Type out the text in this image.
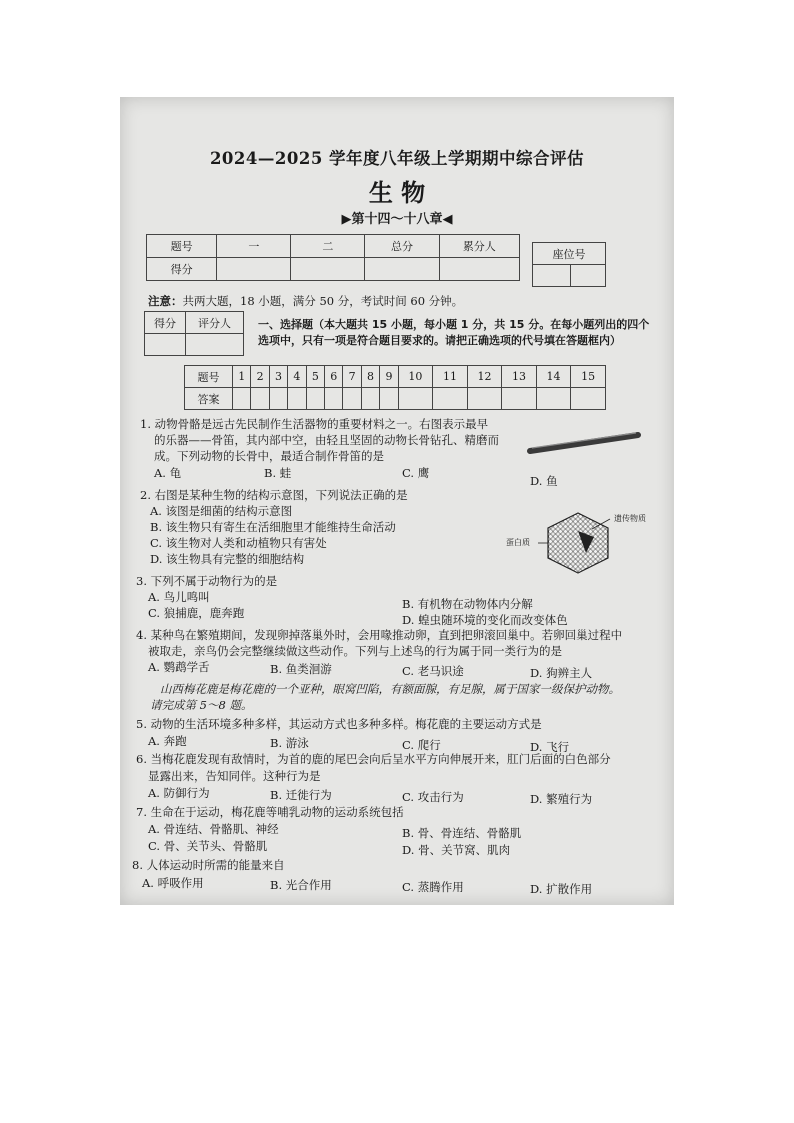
2024—2025 学年度八年级上学期期中综合评估
生 物
▶第十四～十八章◀
题号	一	二	总分	累分人
得分				
座位号

注意：共两大题，18 小题，满分 50 分，考试时间 60 分钟。
得分	评分人
	一、选择题（本大题共 15 小题，每小题 1 分，共 15 分。在每小题列出的四个选项中，只有一项是符合题目要求的。请把正确选项的代号填在答题框内）
题号	1	2	3	4	5	6	7	8	9	10	11	12	13	14	15
答案															
1. 动物骨骼是远古先民制作生活器物的重要材料之一。右图表示最早
的乐器——骨笛，其内部中空，由轻且坚固的动物长骨钻孔、精磨而
成。下列动物的长骨中，最适合制作骨笛的是
A. 龟	B. 蛙	C. 鹰
D. 鱼
2. 右图是某种生物的结构示意图，下列说法正确的是
A. 该图是细菌的结构示意图
B. 该生物只有寄生在活细胞里才能维持生命活动
C. 该生物对人类和动植物只有害处
D. 该生物具有完整的细胞结构
遗传物质
蛋白质
3. 下列不属于动物行为的是
A. 鸟儿鸣叫	B. 有机物在动物体内分解
C. 狼捕鹿，鹿奔跑	D. 蝗虫随环境的变化而改变体色
4. 某种鸟在繁殖期间，发现卵掉落巢外时，会用喙推动卵，直到把卵滚回巢中。若卵回巢过程中
被取走，亲鸟仍会完整继续做这些动作。下列与上述鸟的行为属于同一类行为的是
A. 鹦鹉学舌	B. 鱼类洄游	C. 老马识途	D. 狗辨主人
山西梅花鹿是梅花鹿的一个亚种，眼窝凹陷，有额面腺，有足腺，属于国家一级保护动物。
请完成第 5～8 题。
5. 动物的生活环境多种多样，其运动方式也多种多样。梅花鹿的主要运动方式是
A. 奔跑	B. 游泳	C. 爬行	D. 飞行
6. 当梅花鹿发现有敌情时，为首的鹿的尾巴会向后呈水平方向伸展开来，肛门后面的白色部分
显露出来，告知同伴。这种行为是
A. 防御行为	B. 迁徙行为	C. 攻击行为	D. 繁殖行为
7. 生命在于运动，梅花鹿等哺乳动物的运动系统包括
A. 骨连结、骨骼肌、神经	B. 骨、骨连结、骨骼肌
C. 骨、关节头、骨骼肌	D. 骨、关节窝、肌肉
8. 人体运动时所需的能量来自
A. 呼吸作用	B. 光合作用	C. 蒸腾作用	D. 扩散作用
